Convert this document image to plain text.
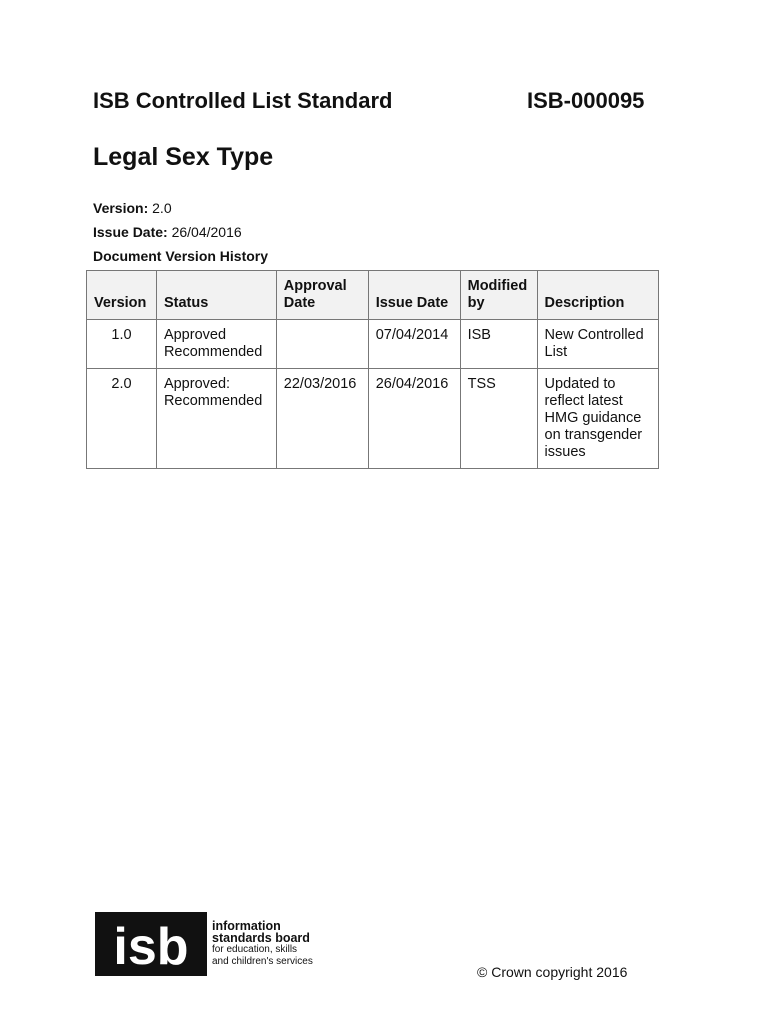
ISB Controlled List Standard	ISB-000095
Legal Sex Type
Version: 2.0
Issue Date: 26/04/2016
Document Version History
Version	Status	Approval Date	Issue Date	Modified by	Description
1.0	Approved Recommended		07/04/2014	ISB	New Controlled List
2.0	Approved: Recommended	22/03/2016	26/04/2016	TSS	Updated to reflect latest HMG guidance on transgender issues
isb information
standards board
for education, skills
and children's services
© Crown copyright 2016
